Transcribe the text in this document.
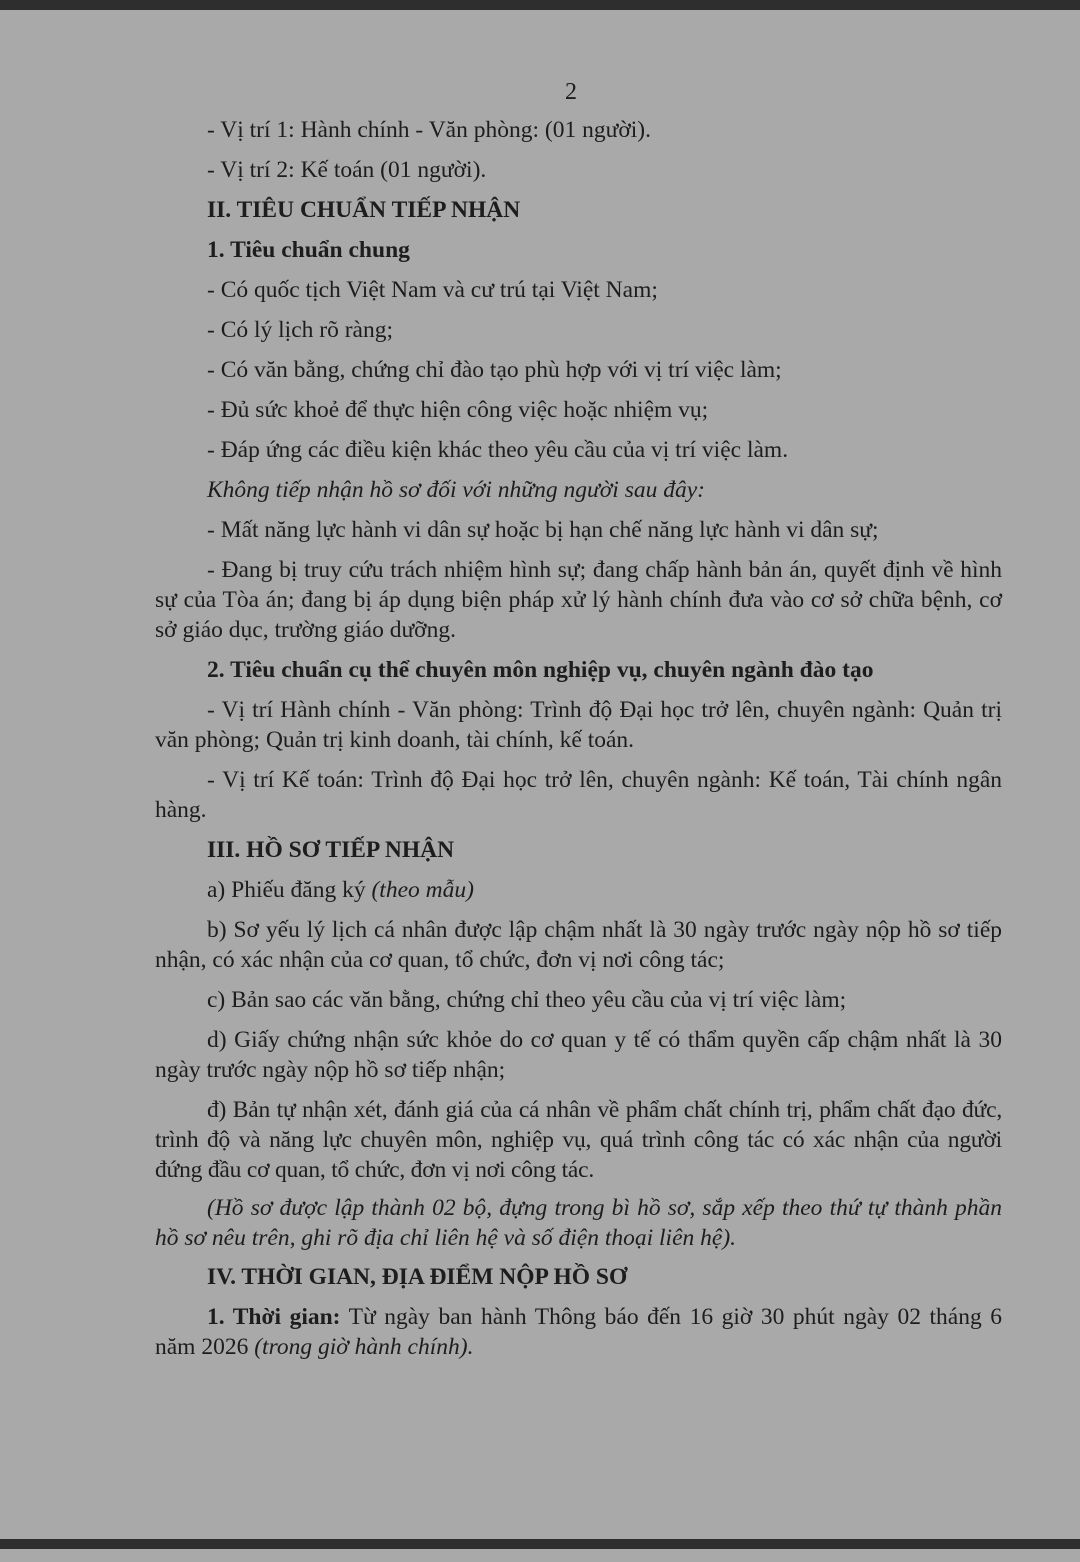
2
- Vị trí 1: Hành chính - Văn phòng: (01 người).
- Vị trí 2: Kế toán (01 người).
II. TIÊU CHUẨN TIẾP NHẬN
1. Tiêu chuẩn chung
- Có quốc tịch Việt Nam và cư trú tại Việt Nam;
- Có lý lịch rõ ràng;
- Có văn bằng, chứng chỉ đào tạo phù hợp với vị trí việc làm;
- Đủ sức khoẻ để thực hiện công việc hoặc nhiệm vụ;
- Đáp ứng các điều kiện khác theo yêu cầu của vị trí việc làm.
Không tiếp nhận hồ sơ đối với những người sau đây:
- Mất năng lực hành vi dân sự hoặc bị hạn chế năng lực hành vi dân sự;
- Đang bị truy cứu trách nhiệm hình sự; đang chấp hành bản án, quyết định về hình sự của Tòa án; đang bị áp dụng biện pháp xử lý hành chính đưa vào cơ sở chữa bệnh, cơ sở giáo dục, trường giáo dưỡng.
2. Tiêu chuẩn cụ thể chuyên môn nghiệp vụ, chuyên ngành đào tạo
- Vị trí Hành chính - Văn phòng: Trình độ Đại học trở lên, chuyên ngành: Quản trị văn phòng; Quản trị kinh doanh, tài chính, kế toán.
- Vị trí Kế toán: Trình độ Đại học trở lên, chuyên ngành: Kế toán, Tài chính ngân hàng.
III. HỒ SƠ TIẾP NHẬN
a) Phiếu đăng ký (theo mẫu)
b) Sơ yếu lý lịch cá nhân được lập chậm nhất là 30 ngày trước ngày nộp hồ sơ tiếp nhận, có xác nhận của cơ quan, tổ chức, đơn vị nơi công tác;
c) Bản sao các văn bằng, chứng chỉ theo yêu cầu của vị trí việc làm;
d) Giấy chứng nhận sức khỏe do cơ quan y tế có thẩm quyền cấp chậm nhất là 30 ngày trước ngày nộp hồ sơ tiếp nhận;
đ) Bản tự nhận xét, đánh giá của cá nhân về phẩm chất chính trị, phẩm chất đạo đức, trình độ và năng lực chuyên môn, nghiệp vụ, quá trình công tác có xác nhận của người đứng đầu cơ quan, tổ chức, đơn vị nơi công tác.
(Hồ sơ được lập thành 02 bộ, đựng trong bì hồ sơ, sắp xếp theo thứ tự thành phần hồ sơ nêu trên, ghi rõ địa chỉ liên hệ và số điện thoại liên hệ).
IV. THỜI GIAN, ĐỊA ĐIỂM NỘP HỒ SƠ
1. Thời gian: Từ ngày ban hành Thông báo đến 16 giờ 30 phút ngày 02 tháng 6 năm 2026 (trong giờ hành chính).
